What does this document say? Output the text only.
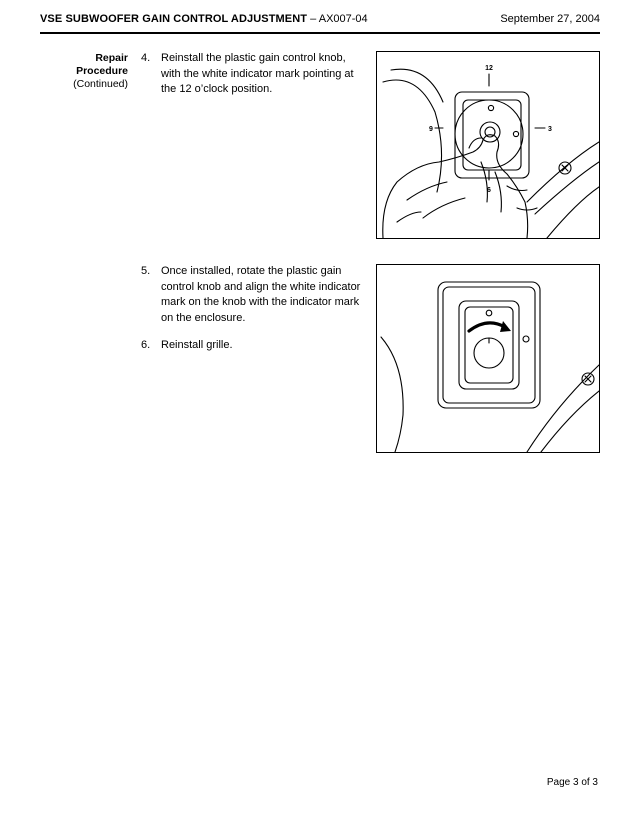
VSE SUBWOOFER GAIN CONTROL ADJUSTMENT – AX007-04	September 27, 2004
Repair
Procedure
(Continued)
4. Reinstall the plastic gain control knob, with the white indicator mark pointing at the 12 o’clock position.
5. Once installed, rotate the plastic gain control knob and align the white indicator mark on the knob with the indicator mark on the enclosure.
6. Reinstall grille.
12
3
6
9
Page 3 of 3
